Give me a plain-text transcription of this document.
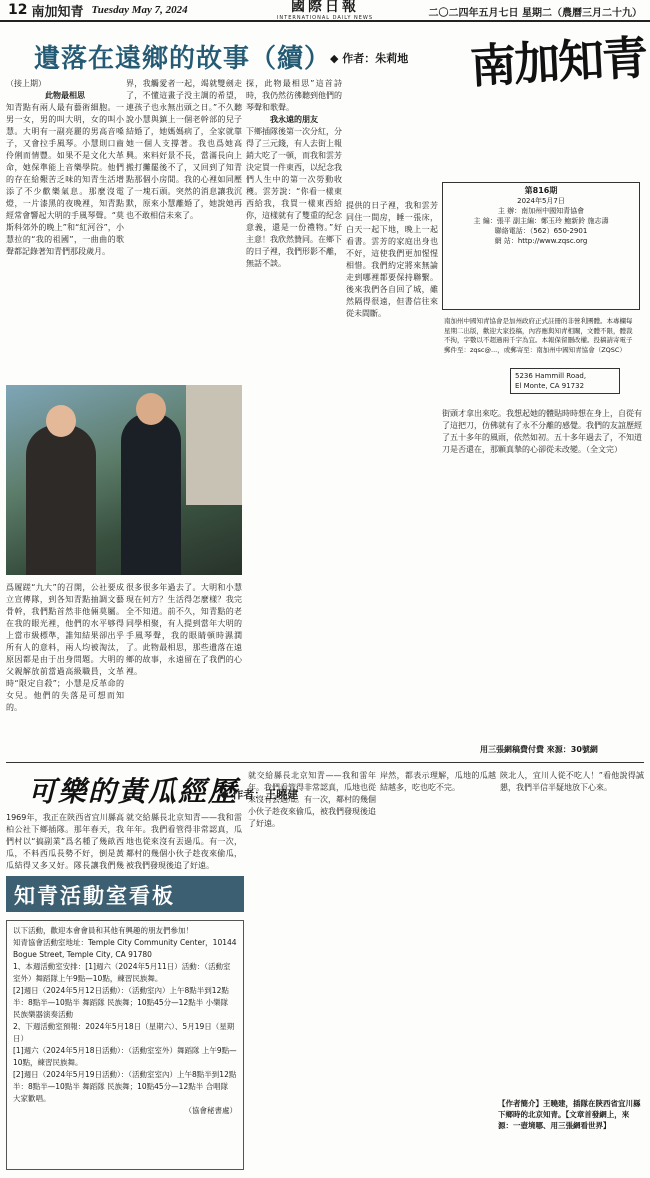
12 南加知青 Tuesday May 7, 2024	國際日報
INTERNATIONAL DAILY NEWS	二〇二四年五月七日 星期二（農曆三月二十九）
遺落在遠鄉的故事（續）
◆ 作者：朱莉地 南加知青
第816期
2024年5月7日
主 辦：南加州中國知青協會
主 編：張平 副主編：鄭玉玲 鮑新鈴 施志濤
聯絡電話：（562）650-2901
網 站：http://www.zqsc.org
南加州中國知青協會是加州政府正式註冊的非營利團體。本專欄每星期二出版，歡迎大家投稿，內容應與知青相關，文體不限，體裁不拘，字數以不超過兩千字為宜。本報保留刪改權。投稿請寄電子郵件至：zqsc@...，或郵寄至：南加州中國知青協會（ZQSC）
5236 Hammill Road,
El Monte, CA 91732
（接上期）
此物最相思
知青點有兩人最有藝術細胞。一男一女，男的叫大明，女的叫小慧。大明有一副亮麗的男高音嗓子，又會拉手風琴。小慧則口齒伶俐而情豐。如果不是文化大革命，她保準能上音樂學院。他們的存在給艱苦乏味的知青生活增添了不少歡樂氣息。那麼沒電燈，一片漆黑的夜晚裡，知青點經常會響起大明的手風琴聲。“莫斯科郊外的晚上”和“紅河谷”，小慧拉的“我的祖國”，一曲曲的歌聲都記錄著知青們那段歲月。
界，我觸愛者一起，竭就雙劍走了，不懂這畫子没主調的希望，連孩子也永無出頭之日。”不久聽說小慧與鎮上一個老幹部的兒子結婚了，她媽媽病了，全家就靠她一個人支撐著。我也爲她高興。來料好景不長，當滿長向上搬打攤罷後不了，又回到了知青點那個小房間。我的心裡如同壓了一塊石頭。突然的消息讓我沉默，原來小慧離婚了，她說她再也不敢相信未來了。
爲履蹉“九大”的召開，公社要成立宣傳隊，到各知青點抽調文藝骨幹，我們點首然非他倆莫屬。在我的眼光裡，他們的水平够得上當市級標準，誰知結果卻出乎所有人的意料，兩人均被淘汰，原因都是由于出身問題。大明的父親解放前當過高級職員，文革時“限定自殺”；小慧是反革命的女兒。他們的失落是可想而知的。
很多很多年過去了。大明和小慧現在何方？生活得怎麼樣？我完全不知道。前不久，知青點的老同學相聚，有人提到當年大明的手風琴聲，我的眼睛頓時濕潤了。此物最相思，那些遺落在遠鄉的故事，永遠留在了我們的心裡。
探，此物最相思”這首詩時，我仍然彷彿聽到他們的琴聲和歌聲。
我永遠的朋友
下鄉插隊後第一次分紅，分得了三元錢，有人去街上報銷大吃了一頓，而我和雲芳決定買一件東西，以紀念我們人生中的第一次勞動收穫。雲芳說：“你看一樣東西給我，我買一樣東西給你，這樣就有了雙重的紀念意義，還是一份禮物。”好主意！我欣然贊同。在鄉下的日子裡，我們形影不離，無話不談。
提供的日子裡，我和雲芳同住一間房，睡一張床，白天一起下地，晚上一起看書。雲芳的家庭出身也不好，這使我們更加惺惺相惜。我們約定將來無論走到哪裡都要保持聯繫。後來我們各自回了城，雖然隔得很遠，但書信往來從未間斷。
街頭才拿出來吃。我想起她的體貼時時想在身上，自從有了這把刀，仿佛就有了永不分離的感覺。我們的友誼歷經了五十多年的風雨，依然如初。五十多年過去了，不知道刀是否還在，那顆真摯的心卻從未改變。（全文完）
用三張網稿費付費 來源：30號網
可樂的黃瓜經歷
◆ 作者：王曉建
1969年，我正在陝西省宜川縣高柏公社下鄉插隊。那年春天，我們村以“搞副業”爲名種了幾畝西瓜，不料西瓜長勢不好，倒是黃瓜結得又多又好。隊長讓我們幾
就交給縣長北京知青——我和雷年年。我們看管得非常認真，瓜地也從來沒有丟過瓜。有一次，鄰村的幾個小伙子趁夜來偷瓜，被我們發現後追了好遠。
就交給縣長北京知青——我和雷年年。我們看管得非常認真，瓜地也從來沒有丟過瓜。有一次，鄰村的幾個小伙子趁夜來偷瓜，被我們發現後追了好遠。
岸然，都表示理解，瓜地的瓜越結越多，吃也吃不完。
陝北人，宜川人從不吃人！”看他說得誠懇，我們半信半疑地放下心來。
知青活動室看板
以下活動，歡迎本會會員和其他有興趣的朋友們參加！
知青協會活動室地址：Temple City Community Center，10144 Bogue Street, Temple City, CA 91780
1、本週活動室安排：[1]週六（2024年5月11日）活動：（活動室室外）舞蹈隊上午9點—10點，練習民族舞。
[2]週日（2024年5月12日活動）：（活動室內）上午8點半到12點半：8點半—10點半 舞蹈隊 民族舞；10點45分—12點半 小樂隊 民族樂器演奏活動
2、下週活動室預報：2024年5月18日（星期六）、5月19日（星期日）
[1]週六（2024年5月18日活動）：（活動室室外）舞蹈隊 上午9點—10點，練習民族舞。
[2]週日（2024年5月19日活動）：（活動室室內）上午8點半到12點半：8點半—10點半 舞蹈隊 民族舞；10點45分—12點半 合唱隊 大家歡唱。
（協會秘書處）
【作者簡介】王曉建，插隊在陝西省宜川縣下鄉時的北京知青。【文章首發網上，來源：一壺境哪、用三張網看世界】
